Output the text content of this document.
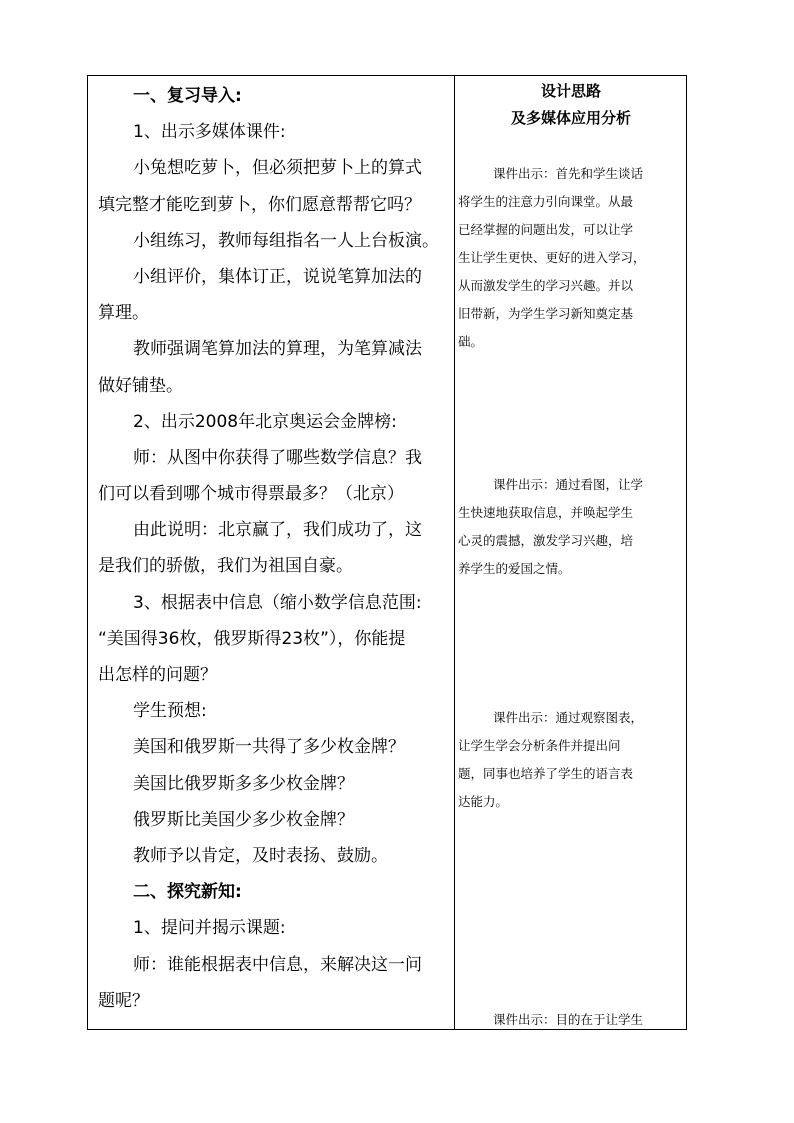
一、复习导入:
1、出示多媒体课件:
小兔想吃萝卜，但必须把萝卜上的算式
填完整才能吃到萝卜，你们愿意帮帮它吗？
小组练习，教师每组指名一人上台板演。
小组评价，集体订正，说说笔算加法的
算理。
教师强调笔算加法的算理，为笔算减法
做好铺垫。
2、出示2008年北京奥运会金牌榜:
师：从图中你获得了哪些数学信息？我
们可以看到哪个城市得票最多？（北京）
由此说明：北京赢了，我们成功了，这
是我们的骄傲，我们为祖国自豪。
3、根据表中信息（缩小数学信息范围:
“美国得36枚，俄罗斯得23枚”），你能提
出怎样的问题？
学生预想:
美国和俄罗斯一共得了多少枚金牌？
美国比俄罗斯多多少枚金牌？
俄罗斯比美国少多少枚金牌？
教师予以肯定，及时表扬、鼓励。
二、探究新知:
1、提问并揭示课题:
师：谁能根据表中信息，来解决这一问
题呢？
设计思路
及多媒体应用分析
课件出示：首先和学生谈话
将学生的注意力引向课堂。从最
已经掌握的问题出发，可以让学
生让学生更快、更好的进入学习，
从而激发学生的学习兴趣。并以
旧带新，为学生学习新知奠定基
础。
课件出示：通过看图，让学
生快速地获取信息，并唤起学生
心灵的震撼，激发学习兴趣，培
养学生的爱国之情。
课件出示：通过观察图表，
让学生学会分析条件并提出问
题，同事也培养了学生的语言表
达能力。
课件出示：目的在于让学生
